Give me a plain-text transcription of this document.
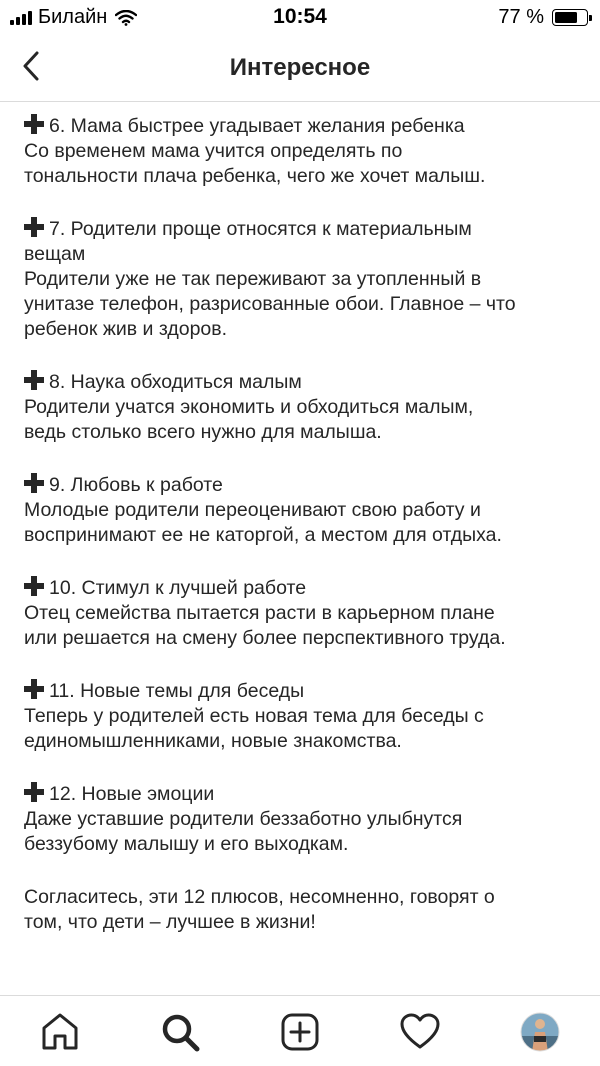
Билайн	10:54	77 %
Интересное

6. Мама быстрее угадывает желания ребенка

Со временем мама учится определять по

тональности плача ребенка, чего же хочет малыш.

7. Родители проще относятся к материальным

вещам

Родители уже не так переживают за утопленный в

унитазе телефон, разрисованные обои. Главное – что

ребенок жив и здоров.

8. Наука обходиться малым

Родители учатся экономить и обходиться малым,

ведь столько всего нужно для малыша.

9. Любовь к работе

Молодые родители переоценивают свою работу и

воспринимают ее не каторгой, а местом для отдыха.

10. Стимул к лучшей работе

Отец семейства пытается расти в карьерном плане

или решается на смену более перспективного труда.

11. Новые темы для беседы

Теперь у родителей есть новая тема для беседы с

единомышленниками, новые знакомства.

12. Новые эмоции

Даже уставшие родители беззаботно улыбнутся

беззубому малышу и его выходкам.

Согласитесь, эти 12 плюсов, несомненно, говорят о

том, что дети – лучшее в жизни!
